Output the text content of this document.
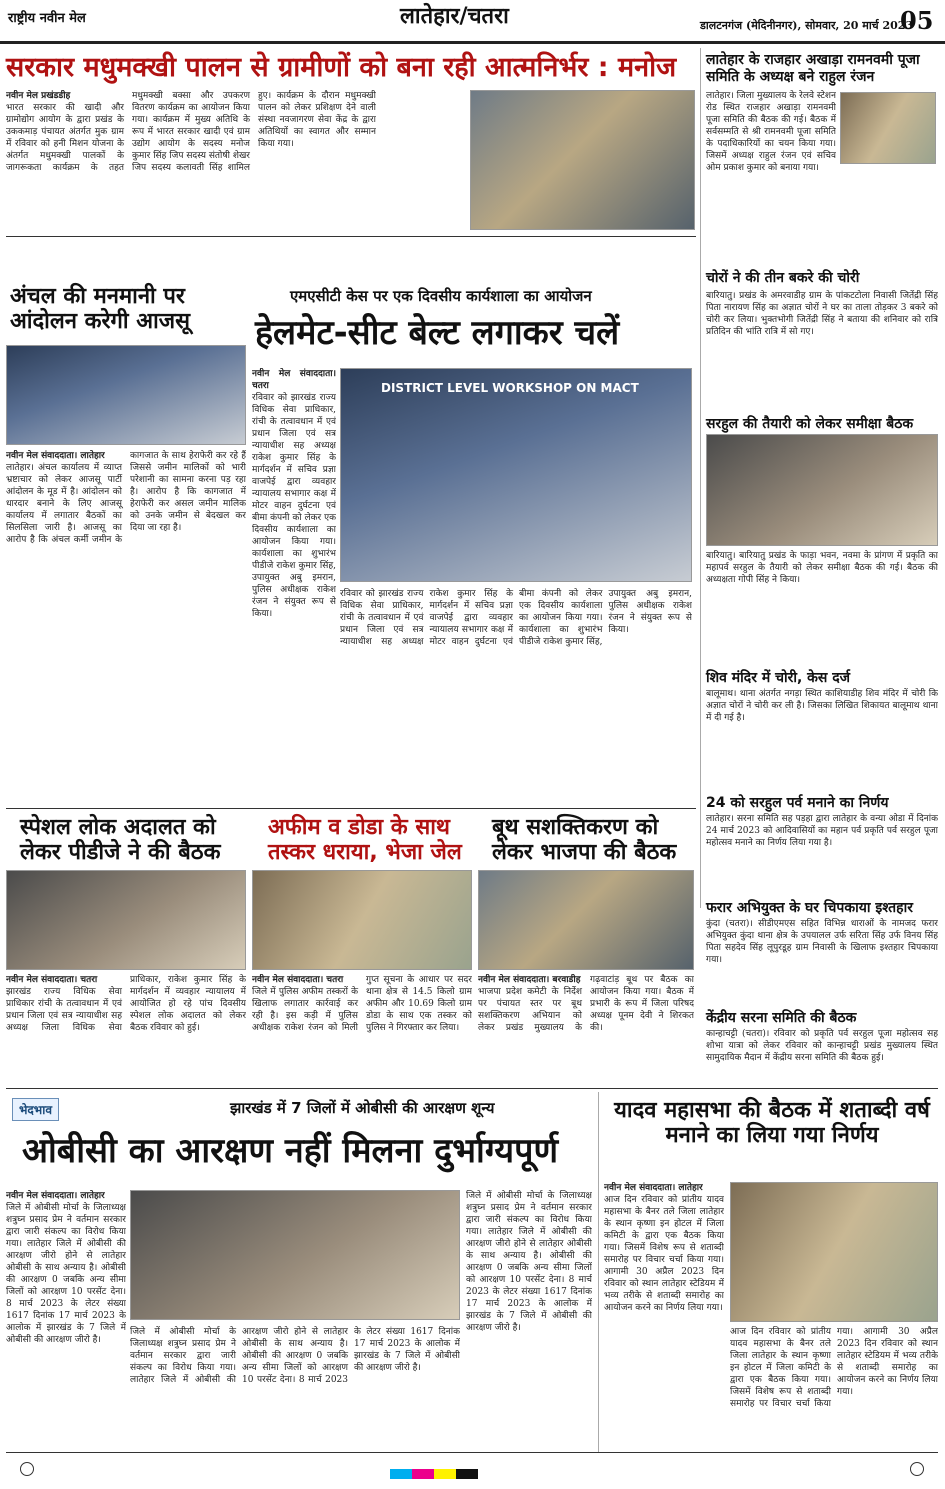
राष्ट्रीय नवीन मेल	लातेहार/चतरा	डालटनगंज (मेदिनीनगर), सोमवार, 20 मार्च 2023
05
सरकार मधुमक्खी पालन से ग्रामीणों को बना रही आत्मनिर्भर : मनोज
नवीन मेल प्रखंडडीह
भारत सरकार की खादी और ग्रामोद्योग आयोग के द्वारा प्रखंड के उककमाड़ पंचायत अंतर्गत मुक ग्राम में रविवार को हनी मिशन योजना के अंतर्गत मधुमक्खी पालकों के जागरूकता कार्यक्रम के तहत मधुमक्खी बक्सा और उपकरण वितरण कार्यक्रम का आयोजन किया गया। कार्यक्रम में मुख्य अतिथि के रूप में भारत सरकार खादी एवं ग्राम उद्योग आयोग के सदस्य मनोज कुमार सिंह जिप सदस्य संतोषी शेखर जिप सदस्य कलावती सिंह शामिल हुए। कार्यक्रम के दौरान मधुमक्खी पालन को लेकर प्रशिक्षण देने वाली संस्था नवजागरण सेवा केंद्र के द्वारा अतिथियों का स्वागत और सम्मान किया गया।
लातेहार के राजहार अखाड़ा रामनवमी पूजा समिति के अध्यक्ष बने राहुल रंजन
लातेहार। जिला मुख्यालय के रेलवे स्टेशन रोड स्थित राजहार अखाड़ा रामनवमी पूजा समिति की बैठक की गई। बैठक में सर्वसम्मति से श्री रामनवमी पूजा समिति के पदाधिकारियों का चयन किया गया। जिसमें अध्यक्ष राहुल रंजन एवं सचिव ओम प्रकाश कुमार को बनाया गया।
चोरों ने की तीन बकरे की चोरी
बारियातु। प्रखंड के अमरवाडीह ग्राम के पांकटटोला निवासी जितेंद्री सिंह पिता नारायण सिंह का अज्ञात चोरों ने घर का ताला तोड़कर 3 बकरे को चोरी कर लिया। भुक्तभोगी जितेंद्री सिंह ने बताया की शनिवार को रात्रि प्रतिदिन की भांति रात्रि में सो गए।
सरहुल की तैयारी को लेकर समीक्षा बैठक
बारियातु। बारियातु प्रखंड के फाड़ा भवन, नवमा के प्रांगण में प्रकृति का महापर्व सरहुल के तैयारी को लेकर समीक्षा बैठक की गई। बैठक की अध्यक्षता गोपी सिंह ने किया।
शिव मंदिर में चोरी, केस दर्ज
बालूमाथ। थाना अंतर्गत नगड़ा स्थित काशियाडीह शिव मंदिर में चोरी कि अज्ञात चोरों ने चोरी कर ली है। जिसका लिखित शिकायत बालूमाथ थाना में दी गई है।
24 को सरहुल पर्व मनाने का निर्णय
लातेहार। सरना समिति सह पड़हा द्वारा लातेहार के वन्या ओडा में दिनांक 24 मार्च 2023 को आदिवासियों का महान पर्व प्रकृति पर्व सरहुल पूजा महोत्सव मनाने का निर्णय लिया गया है।
फरार अभियुक्त के घर चिपकाया इश्तहार
कुंदा (चतरा)। सीडीएमएस सहित विभिन्न धाराओं के नामजद फरार अभियुक्त कुंदा थाना क्षेत्र के उपयालल उर्फ सरिता सिंह उर्फ विनय सिंह पिता सहदेव सिंह लूपुरडूह ग्राम निवासी के खिलाफ इश्तहार चिपकाया गया।
केंद्रीय सरना समिति की बैठक
कान्हाचट्टी (चतरा)। रविवार को प्रकृति पर्व सरहुल पूजा महोत्सव सह शोभा यात्रा को लेकर रविवार को कान्हाचट्टी प्रखंड मुख्यालय स्थित सामुदायिक मैदान में केंद्रीय सरना समिति की बैठक हुई।
अंचल की मनमानी पर आंदोलन करेगी आजसू
नवीन मेल संवाददाता। लातेहार
लातेहार। अंचल कार्यालय में व्याप्त भ्रष्टाचार को लेकर आजसू पार्टी आंदोलन के मूड में है। आंदोलन को धारदार बनाने के लिए आजसू कार्यालय में लगातार बैठकों का सिलसिला जारी है। आजसू का आरोप है कि अंचल कर्मी जमीन के कागजात के साथ हेराफेरी कर रहे हैं जिससे जमीन मालिकों को भारी परेशानी का सामना करना पड़ रहा है। आरोप है कि कागजात में हेराफेरी कर असल जमीन मालिक को उनके जमीन से बेदखल कर दिया जा रहा है।
एमएसीटी केस पर एक दिवसीय कार्यशाला का आयोजन
हेलमेट-सीट बेल्ट लगाकर चलें
नवीन मेल संवाददाता। चतरा
रविवार को झारखंड राज्य विधिक सेवा प्राधिकार, रांची के तत्वावधान में एवं प्रधान जिला एवं सत्र न्यायाधीश सह अध्यक्ष राकेश कुमार सिंह के मार्गदर्शन में सचिव प्रज्ञा वाजपेई द्वारा व्यवहार न्यायालय सभागार कक्ष में मोटर वाहन दुर्घटना एवं बीमा कंपनी को लेकर एक दिवसीय कार्यशाला का आयोजन किया गया। कार्यशाला का शुभारंभ पीडीजे राकेश कुमार सिंह, उपायुक्त अबु इमरान, पुलिस अधीक्षक राकेश रंजन ने संयुक्त रूप से किया।
DISTRICT LEVEL WORKSHOP ON MACT
रविवार को झारखंड राज्य विधिक सेवा प्राधिकार, रांची के तत्वावधान में एवं प्रधान जिला एवं सत्र न्यायाधीश सह अध्यक्ष राकेश कुमार सिंह के मार्गदर्शन में सचिव प्रज्ञा वाजपेई द्वारा व्यवहार न्यायालय सभागार कक्ष में मोटर वाहन दुर्घटना एवं बीमा कंपनी को लेकर एक दिवसीय कार्यशाला का आयोजन किया गया। कार्यशाला का शुभारंभ पीडीजे राकेश कुमार सिंह, उपायुक्त अबु इमरान, पुलिस अधीक्षक राकेश रंजन ने संयुक्त रूप से किया।
स्पेशल लोक अदालत को लेकर पीडीजे ने की बैठक
नवीन मेल संवाददाता। चतरा
झारखंड राज्य विधिक सेवा प्राधिकार रांची के तत्वावधान में एवं प्रधान जिला एवं सत्र न्यायाधीश सह अध्यक्ष जिला विधिक सेवा प्राधिकार, राकेश कुमार सिंह के मार्गदर्शन में व्यवहार न्यायालय में आयोजित हो रहे पांच दिवसीय स्पेशल लोक अदालत को लेकर बैठक रविवार को हुई।
अफीम व डोडा के साथ तस्कर धराया, भेजा जेल
नवीन मेल संवाददाता। चतरा
जिले में पुलिस अफीम तस्करों के खिलाफ लगातार कार्रवाई कर रही है। इस कड़ी में पुलिस अधीक्षक राकेश रंजन को मिली गुप्त सूचना के आधार पर सदर थाना क्षेत्र से 14.5 किलो ग्राम अफीम और 10.69 किलो ग्राम डोडा के साथ एक तस्कर को पुलिस ने गिरफ्तार कर लिया।
बूथ सशक्तिकरण को लेकर भाजपा की बैठक
नवीन मेल संवाददाता। बरवाडीह
भाजपा प्रदेश कमेटी के निर्देश पर पंचायत स्तर पर बूथ सशक्तिकरण अभियान को लेकर प्रखंड मुख्यालय के गढ़वाटांड़ बूथ पर बैठक का आयोजन किया गया। बैठक में प्रभारी के रूप में जिला परिषद अध्यक्ष पूनम देवी ने शिरकत की।
भेदभाव	झारखंड में 7 जिलों में ओबीसी की आरक्षण शून्य
ओबीसी का आरक्षण नहीं मिलना दुर्भाग्यपूर्ण
नवीन मेल संवाददाता। लातेहार
जिले में ओबीसी मोर्चा के जिलाध्यक्ष शत्रुघ्न प्रसाद प्रेम ने वर्तमान सरकार द्वारा जारी संकल्प का विरोध किया गया। लातेहार जिले में ओबीसी की आरक्षण जीरो होने से लातेहार ओबीसी के साथ अन्याय है। ओबीसी की आरक्षण 0 जबकि अन्य सीमा जिलों को आरक्षण 10 परसेंट देना। 8 मार्च 2023 के लेटर संख्या 1617 दिनांक 17 मार्च 2023 के आलोक में झारखंड के 7 जिले में ओबीसी की आरक्षण जीरो है।
जिले में ओबीसी मोर्चा के जिलाध्यक्ष शत्रुघ्न प्रसाद प्रेम ने वर्तमान सरकार द्वारा जारी संकल्प का विरोध किया गया। लातेहार जिले में ओबीसी की आरक्षण जीरो होने से लातेहार ओबीसी के साथ अन्याय है। ओबीसी की आरक्षण 0 जबकि अन्य सीमा जिलों को आरक्षण 10 परसेंट देना। 8 मार्च 2023 के लेटर संख्या 1617 दिनांक 17 मार्च 2023 के आलोक में झारखंड के 7 जिले में ओबीसी की आरक्षण जीरो है।
जिले में ओबीसी मोर्चा के जिलाध्यक्ष शत्रुघ्न प्रसाद प्रेम ने वर्तमान सरकार द्वारा जारी संकल्प का विरोध किया गया। लातेहार जिले में ओबीसी की आरक्षण जीरो होने से लातेहार ओबीसी के साथ अन्याय है। ओबीसी की आरक्षण 0 जबकि अन्य सीमा जिलों को आरक्षण 10 परसेंट देना। 8 मार्च 2023 के लेटर संख्या 1617 दिनांक 17 मार्च 2023 के आलोक में झारखंड के 7 जिले में ओबीसी की आरक्षण जीरो है।
यादव महासभा की बैठक में शताब्दी वर्ष मनाने का लिया गया निर्णय
नवीन मेल संवाददाता। लातेहार
आज दिन रविवार को प्रांतीय यादव महासभा के बैनर तले जिला लातेहार के स्थान कृष्णा इन होटल में जिला कमिटी के द्वारा एक बैठक किया गया। जिसमें विशेष रूप से शताब्दी समारोह पर विचार चर्चा किया गया। आगामी 30 अप्रैल 2023 दिन रविवार को स्थान लातेहार स्टेडियम में भव्य तरीके से शताब्दी समारोह का आयोजन करने का निर्णय लिया गया।
आज दिन रविवार को प्रांतीय यादव महासभा के बैनर तले जिला लातेहार के स्थान कृष्णा इन होटल में जिला कमिटी के द्वारा एक बैठक किया गया। जिसमें विशेष रूप से शताब्दी समारोह पर विचार चर्चा किया गया। आगामी 30 अप्रैल 2023 दिन रविवार को स्थान लातेहार स्टेडियम में भव्य तरीके से शताब्दी समारोह का आयोजन करने का निर्णय लिया गया।
